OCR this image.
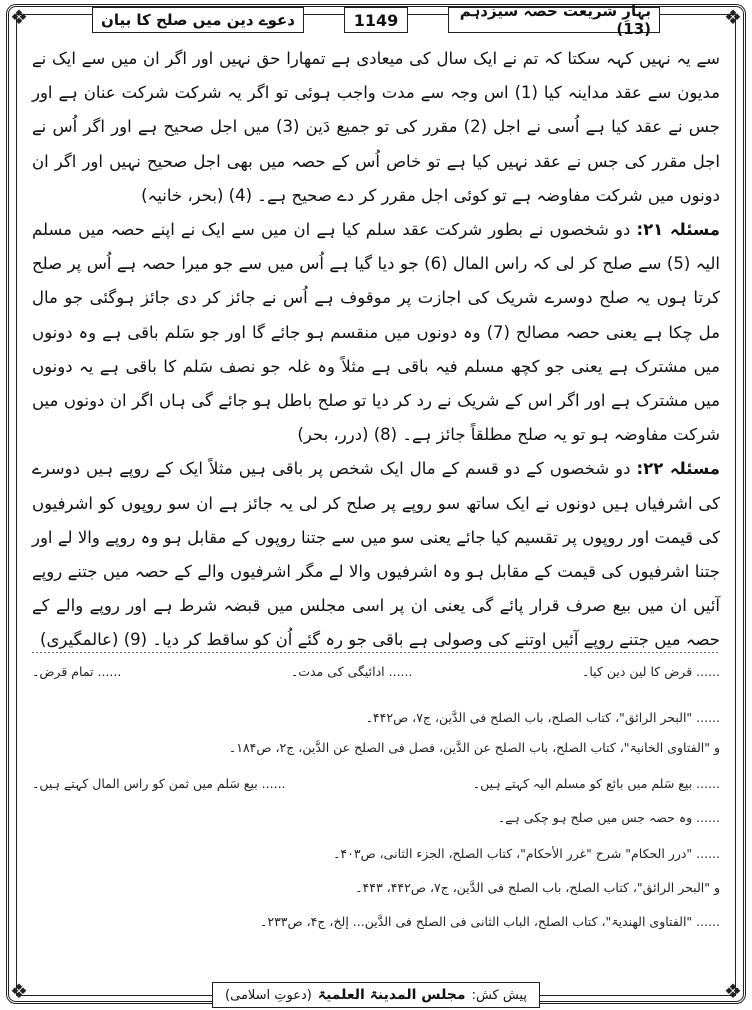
❖	❖
❖	❖
بہارِ شریعت حصہ سیزدہم (13)
1149
دعوے دین میں صلح کا بیان

سے یہ نہیں کہہ سکتا کہ تم نے ایک سال کی میعادی ہے تمھارا حق نہیں اور اگر ان میں سے ایک نے مدیون سے عقد مداینہ کیا (1) اس وجہ سے مدت واجب ہوئی تو اگر یہ شرکت شرکت عنان ہے اور جس نے عقد کیا ہے اُسی نے اجل (2) مقرر کی تو جمیع دَین (3) میں اجل صحیح ہے اور اگر اُس نے اجل مقرر کی جس نے عقد نہیں کیا ہے تو خاص اُس کے حصہ میں بھی اجل صحیح نہیں اور اگر ان دونوں میں شرکت مفاوضہ ہے تو کوئی اجل مقرر کر دے صحیح ہے۔ (4) (بحر، خانیہ)

مسئلہ ۲۱: دو شخصوں نے بطور شرکت عقد سلم کیا ہے ان میں سے ایک نے اپنے حصہ میں مسلم الیہ (5) سے صلح کر لی کہ راس المال (6) جو دیا گیا ہے اُس میں سے جو میرا حصہ ہے اُس پر صلح کرتا ہوں یہ صلح دوسرے شریک کی اجازت پر موقوف ہے اُس نے جائز کر دی جائز ہوگئی جو مال مل چکا ہے یعنی حصہ مصالح (7) وہ دونوں میں منقسم ہو جائے گا اور جو سَلم باقی ہے وہ دونوں میں مشترک ہے یعنی جو کچھ مسلم فیہ باقی ہے مثلاً وہ غلہ جو نصف سَلم کا باقی ہے یہ دونوں میں مشترک ہے اور اگر اس کے شریک نے رد کر دیا تو صلح باطل ہو جائے گی ہاں اگر ان دونوں میں شرکت مفاوضہ ہو تو یہ صلح مطلقاً جائز ہے۔ (8) (درر، بحر)

مسئلہ ۲۲: دو شخصوں کے دو قسم کے مال ایک شخص پر باقی ہیں مثلاً ایک کے روپے ہیں دوسرے کی اشرفیاں ہیں دونوں نے ایک ساتھ سو روپے پر صلح کر لی یہ جائز ہے ان سو روپوں کو اشرفیوں کی قیمت اور روپوں پر تقسیم کیا جائے یعنی سو میں سے جتنا روپوں کے مقابل ہو وہ روپے والا لے اور جتنا اشرفیوں کی قیمت کے مقابل ہو وہ اشرفیوں والا لے مگر اشرفیوں والے کے حصہ میں جتنے روپے آئیں ان میں بیع صرف قرار پائے گی یعنی ان پر اسی مجلس میں قبضہ شرط ہے اور روپے والے کے حصہ میں جتنے روپے آئیں اوتنے کی وصولی ہے باقی جو رہ گئے اُن کو ساقط کر دیا۔ (9) (عالمگیری)

...... قرض کا لین دین کیا۔
...... ادائیگی کی مدت۔
...... تمام قرض۔
...... "البحر الرائق"، کتاب الصلح، باب الصلح فی الدَّین، ج۷، ص۴۴۲۔
و "الفتاوی الخانیۃ"، کتاب الصلح، باب الصلح عن الدَّین، فصل فی الصلح عن الدَّین، ج۲، ص۱۸۴۔
...... بیع سَلم میں بائع کو مسلم الیہ کہتے ہیں۔
...... بیع سَلم میں ثمن کو راس المال کہتے ہیں۔
...... وہ حصہ جس میں صلح ہو چکی ہے۔
...... "درر الحکام" شرح "غرر الأحکام"، کتاب الصلح، الجزء الثانی، ص۴۰۳۔
و "البحر الرائق"، کتاب الصلح، باب الصلح فی الدَّین، ج۷، ص۴۴۲، ۴۴۳۔
...... "الفتاوی الھندیۃ"، کتاب الصلح، الباب الثانی فی الصلح فی الدَّین... إلخ، ج۴، ص۲۳۳۔
پیش کش:
مجلس المدینۃ العلمیۃ
(دعوتِ اسلامی)
